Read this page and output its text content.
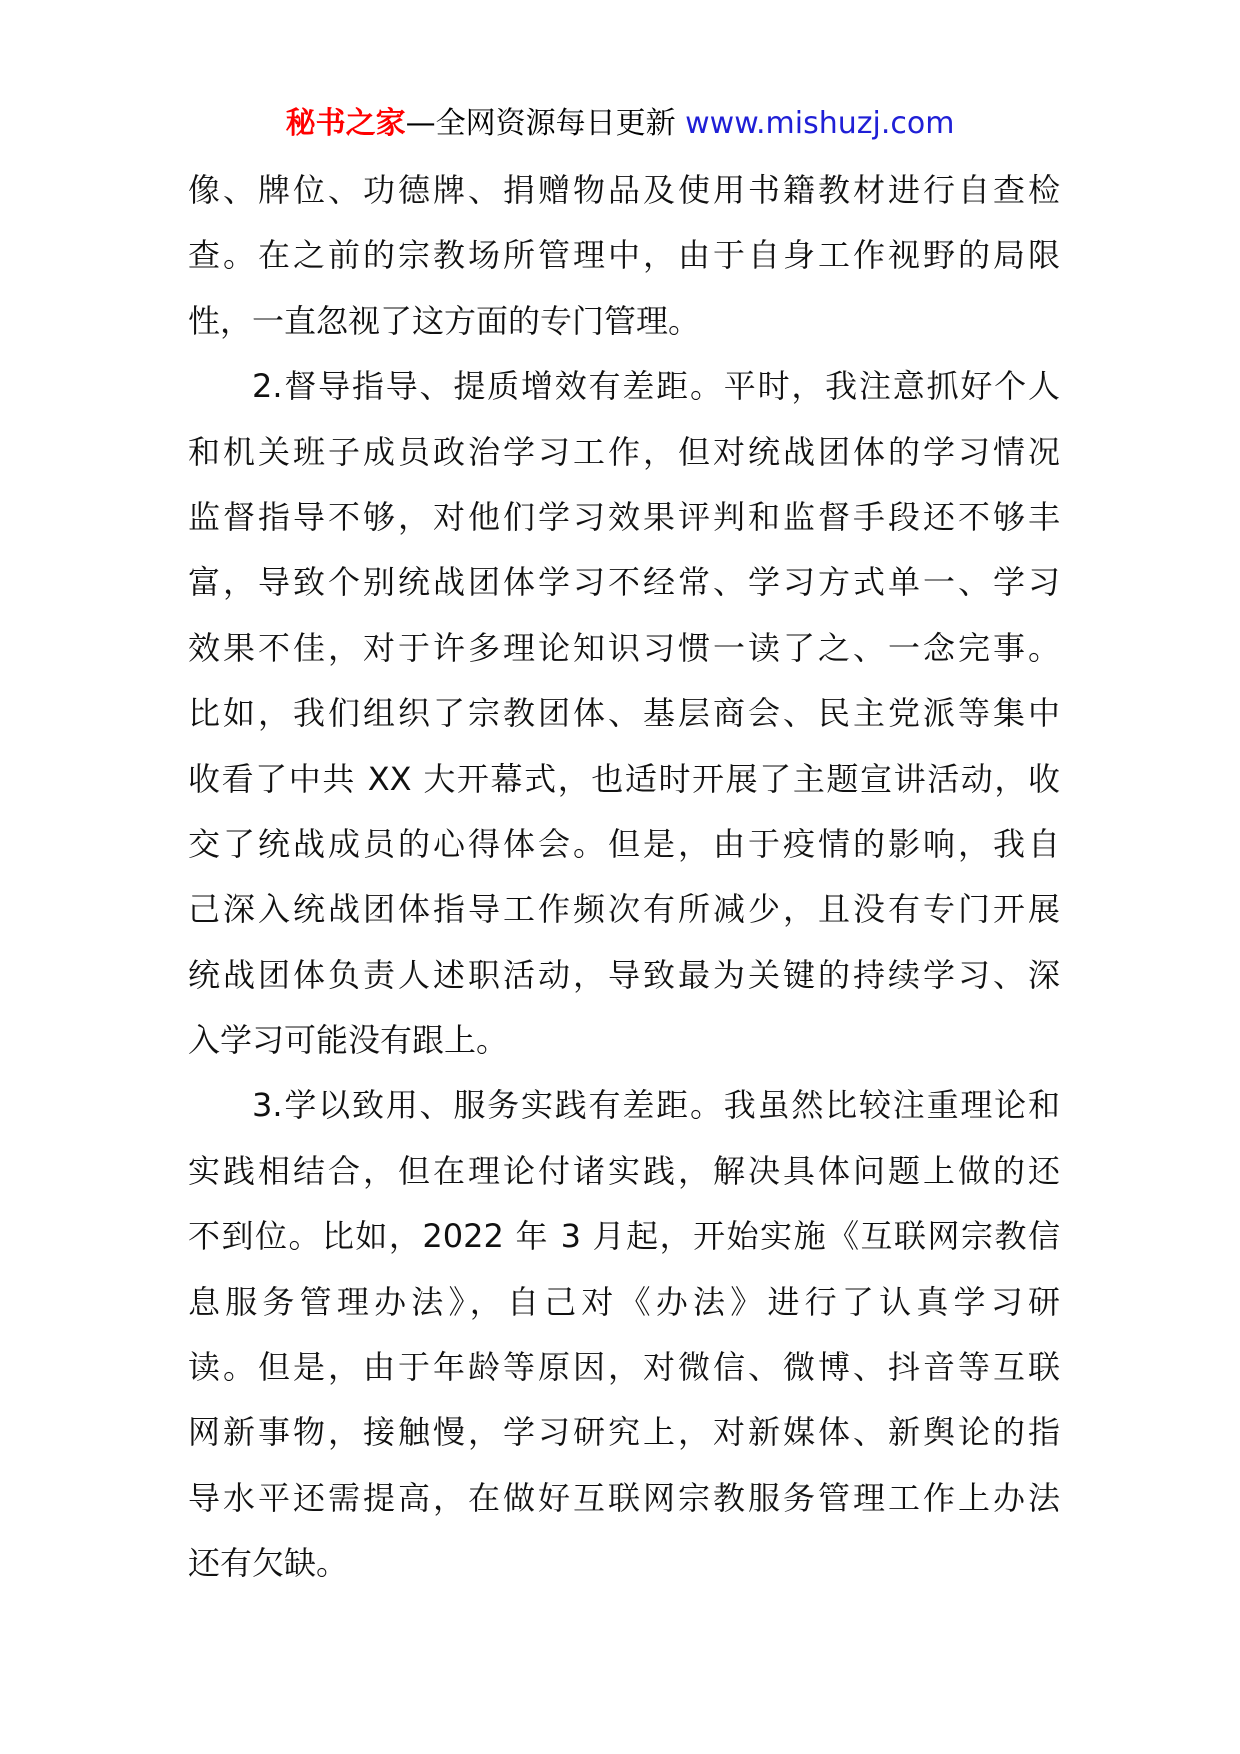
秘书之家—全网资源每日更新 www.mishuzj.com
像、牌位、功德牌、捐赠物品及使用书籍教材进行自查检
查。在之前的宗教场所管理中，由于自身工作视野的局限
性，一直忽视了这方面的专门管理。
2.督导指导、提质增效有差距。平时，我注意抓好个人
和机关班子成员政治学习工作，但对统战团体的学习情况
监督指导不够，对他们学习效果评判和监督手段还不够丰
富，导致个别统战团体学习不经常、学习方式单一、学习
效果不佳，对于许多理论知识习惯一读了之、一念完事。
比如，我们组织了宗教团体、基层商会、民主党派等集中
收看了中共 XX 大开幕式，也适时开展了主题宣讲活动，收
交了统战成员的心得体会。但是，由于疫情的影响，我自
己深入统战团体指导工作频次有所减少，且没有专门开展
统战团体负责人述职活动，导致最为关键的持续学习、深
入学习可能没有跟上。
3.学以致用、服务实践有差距。我虽然比较注重理论和
实践相结合，但在理论付诸实践，解决具体问题上做的还
不到位。比如，2022 年 3 月起，开始实施《互联网宗教信
息服务管理办法》，自己对《办法》进行了认真学习研
读。但是，由于年龄等原因，对微信、微博、抖音等互联
网新事物，接触慢，学习研究上，对新媒体、新舆论的指
导水平还需提高，在做好互联网宗教服务管理工作上办法
还有欠缺。
